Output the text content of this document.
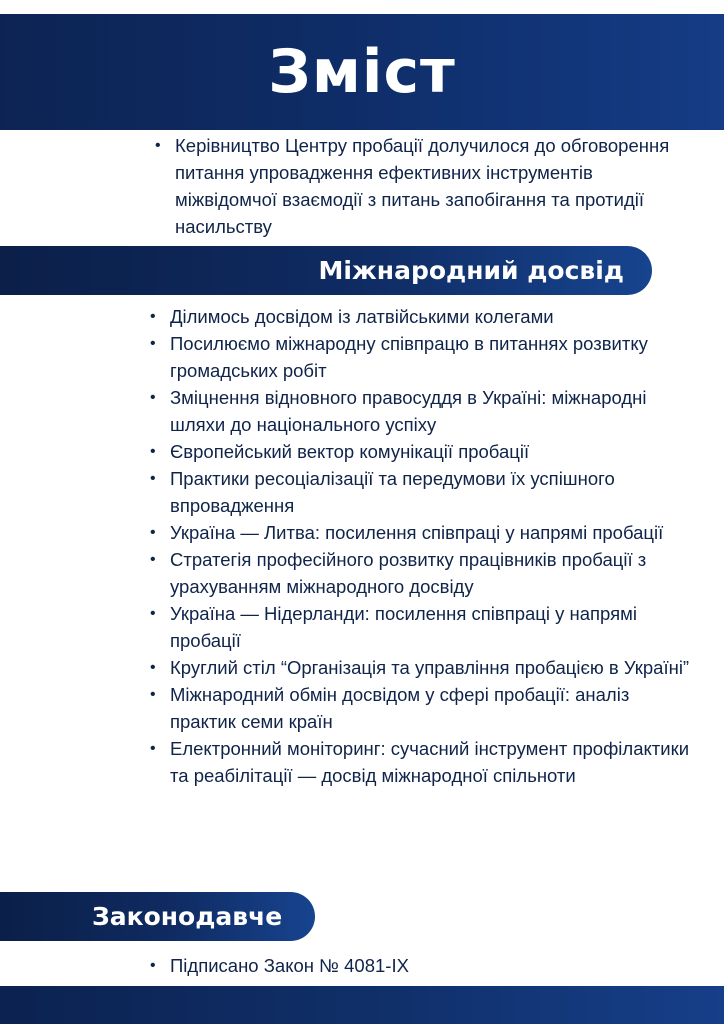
Зміст
• Керівництво Центру пробації долучилося до обговорення питання упровадження ефективних інструментів міжвідомчої взаємодії з питань запобігання та протидії насильству
Міжнародний досвід
• Ділимось досвідом із латвійськими колегами
• Посилюємо міжнародну співпрацю в питаннях розвитку громадських робіт
• Зміцнення відновного правосуддя в Україні: міжнародні шляхи до національного успіху
• Європейський вектор комунікації пробації
• Практики ресоціалізації та передумови їх успішного впровадження
• Україна — Литва: посилення співпраці у напрямі пробації
• Стратегія професійного розвитку працівників пробації з урахуванням міжнародного досвіду
• Україна — Нідерланди: посилення співпраці у напрямі пробації
• Круглий стіл “Організація та управління пробацією в Україні”
• Міжнародний обмін досвідом у сфері пробації: аналіз практик семи країн
• Електронний моніторинг: сучасний інструмент профілактики та реабілітації — досвід міжнародної спільноти
Законодавче
• Підписано Закон № 4081-IX
